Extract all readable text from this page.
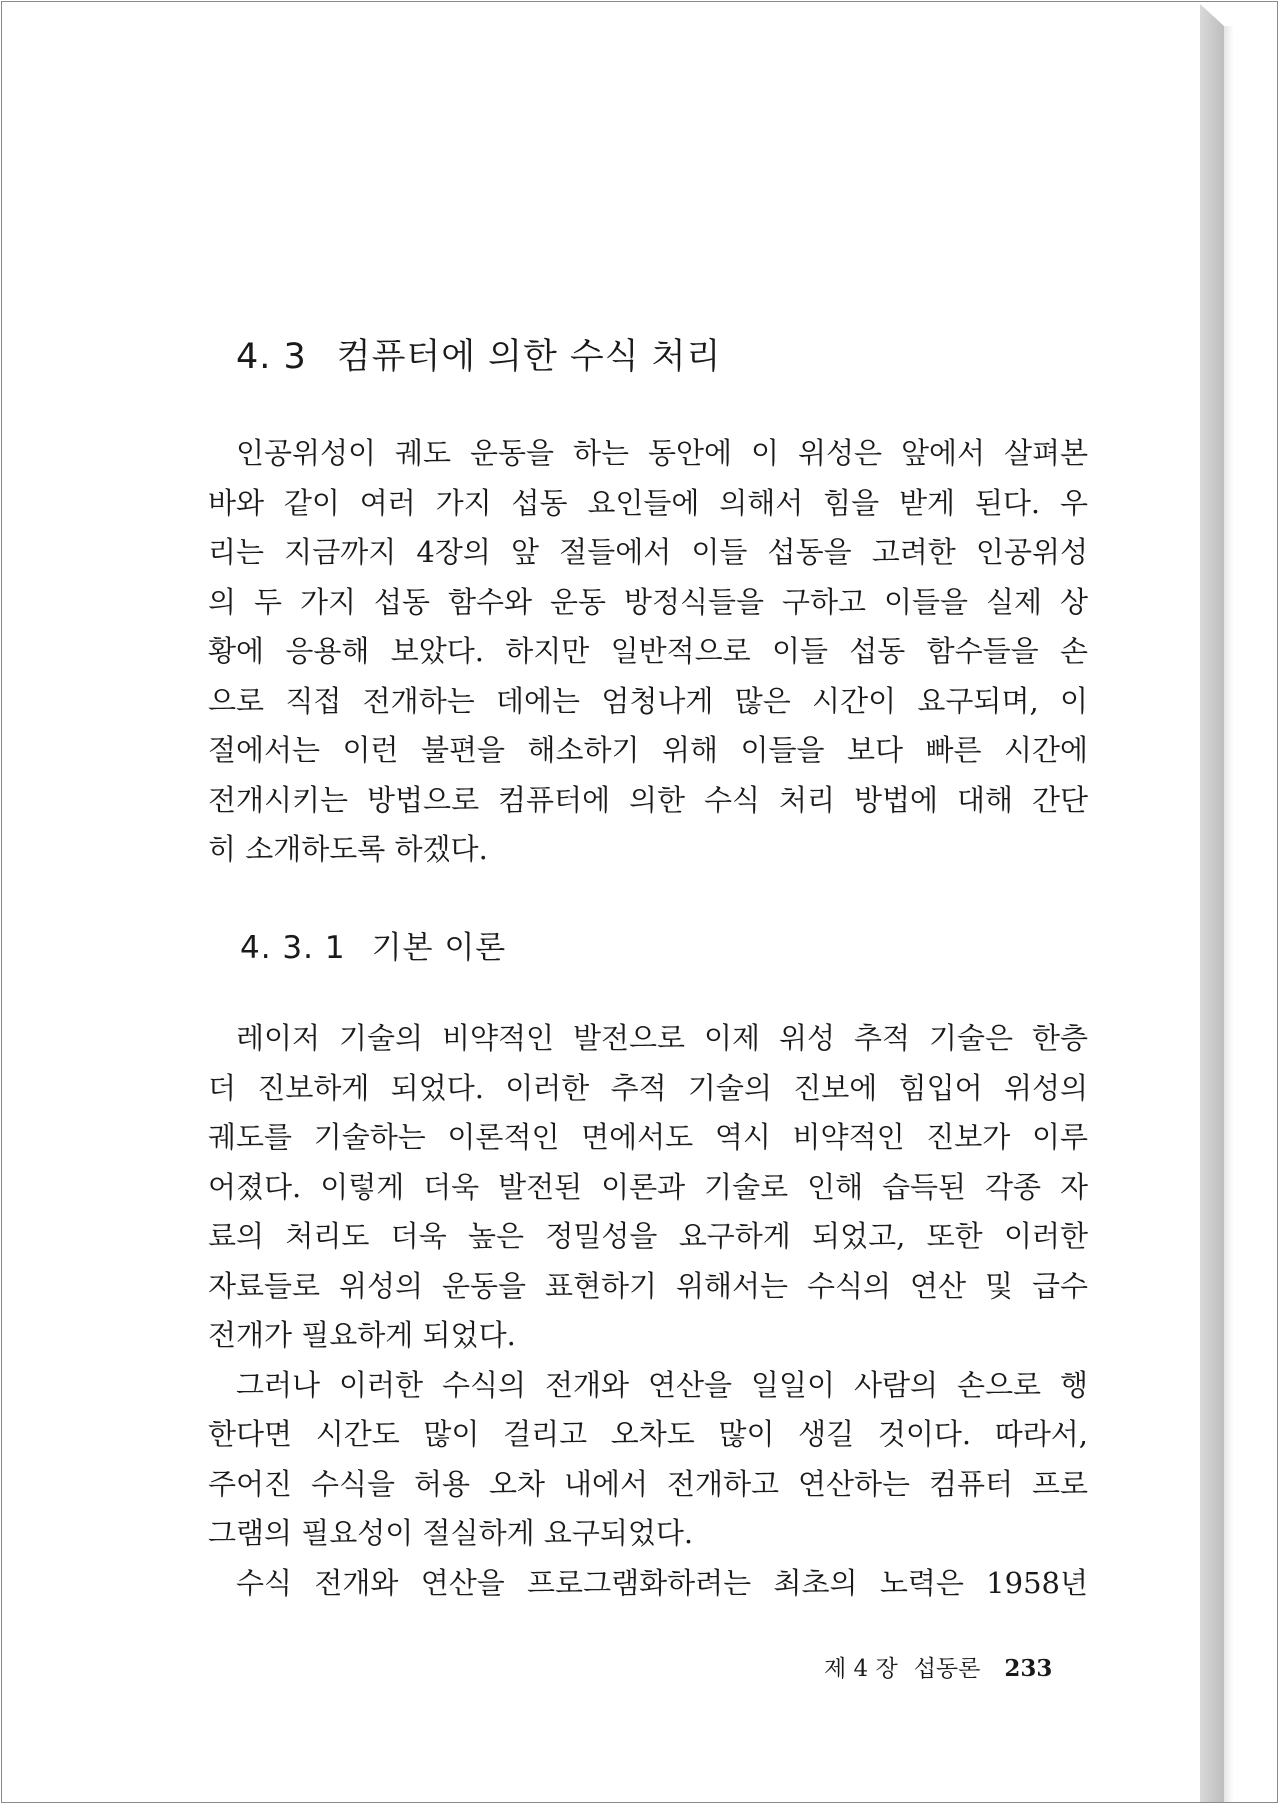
4. 3 컴퓨터에 의한 수식 처리
인공위성이 궤도 운동을 하는 동안에 이 위성은 앞에서 살펴본
바와 같이 여러 가지 섭동 요인들에 의해서 힘을 받게 된다. 우
리는 지금까지 4장의 앞 절들에서 이들 섭동을 고려한 인공위성
의 두 가지 섭동 함수와 운동 방정식들을 구하고 이들을 실제 상
황에 응용해 보았다. 하지만 일반적으로 이들 섭동 함수들을 손
으로 직접 전개하는 데에는 엄청나게 많은 시간이 요구되며, 이
절에서는 이런 불편을 해소하기 위해 이들을 보다 빠른 시간에
전개시키는 방법으로 컴퓨터에 의한 수식 처리 방법에 대해 간단
히 소개하도록 하겠다.
4. 3. 1 기본 이론
레이저 기술의 비약적인 발전으로 이제 위성 추적 기술은 한층
더 진보하게 되었다. 이러한 추적 기술의 진보에 힘입어 위성의
궤도를 기술하는 이론적인 면에서도 역시 비약적인 진보가 이루
어졌다. 이렇게 더욱 발전된 이론과 기술로 인해 습득된 각종 자
료의 처리도 더욱 높은 정밀성을 요구하게 되었고, 또한 이러한
자료들로 위성의 운동을 표현하기 위해서는 수식의 연산 및 급수
전개가 필요하게 되었다.
그러나 이러한 수식의 전개와 연산을 일일이 사람의 손으로 행
한다면 시간도 많이 걸리고 오차도 많이 생길 것이다. 따라서,
주어진 수식을 허용 오차 내에서 전개하고 연산하는 컴퓨터 프로
그램의 필요성이 절실하게 요구되었다.
수식 전개와 연산을 프로그램화하려는 최초의 노력은 1958년
제 4 장 섭동론 233
